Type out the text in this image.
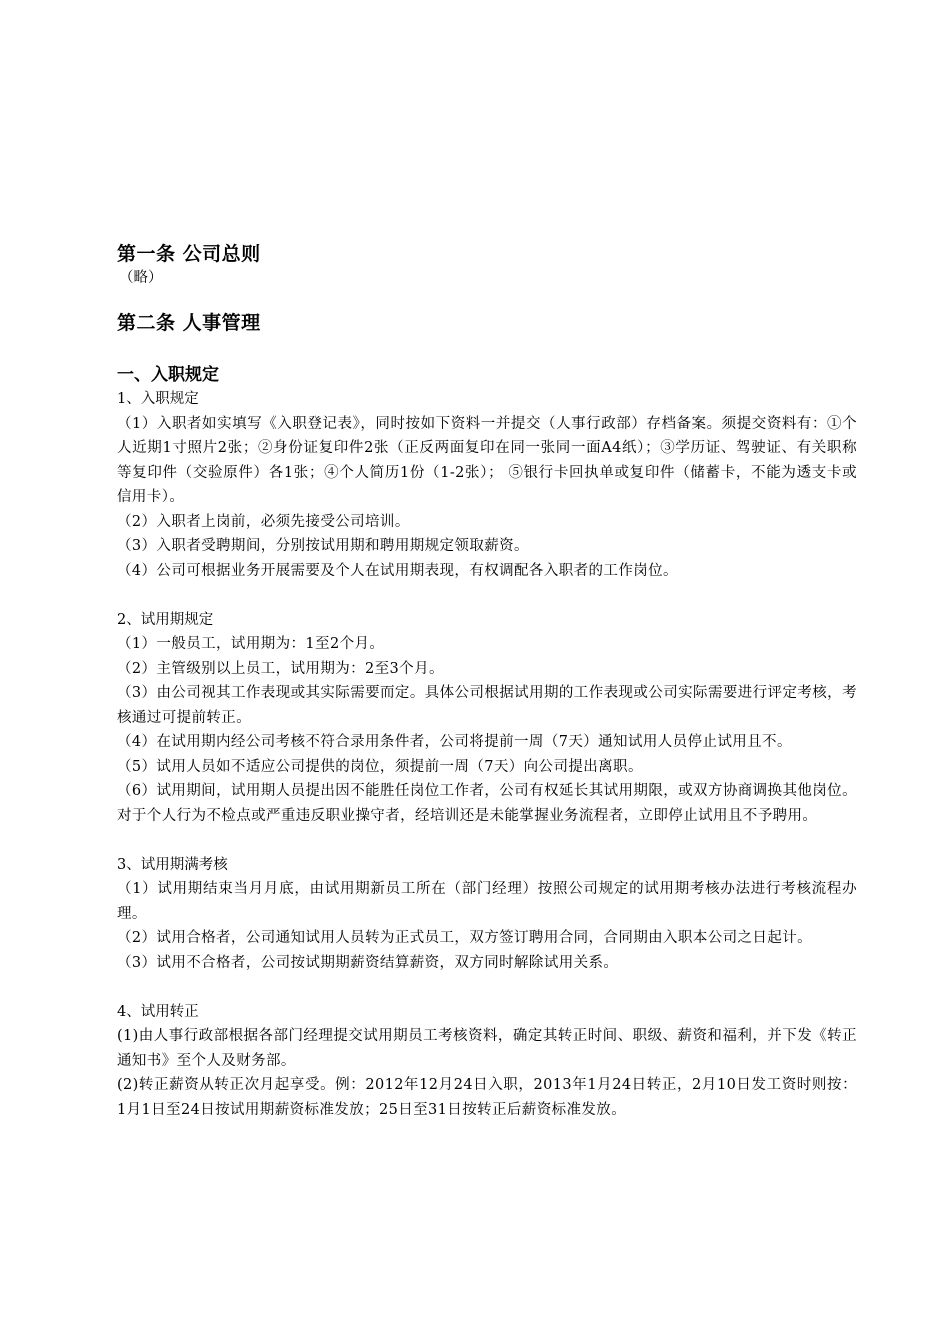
第一条 公司总则

（略）

第二条 人事管理
一、入职规定

1、入职规定

（1）入职者如实填写《入职登记表》，同时按如下资料一并提交（人事行政部）存档备案。须提交资料有：①个人近期1寸照片2张；②身份证复印件2张（正反两面复印在同一张同一面A4纸）；③学历证、驾驶证、有关职称等复印件（交验原件）各1张；④个人简历1份（1-2张）； ⑤银行卡回执单或复印件（储蓄卡，不能为透支卡或信用卡）。

（2）入职者上岗前，必须先接受公司培训。

（3）入职者受聘期间，分别按试用期和聘用期规定领取薪资。

（4）公司可根据业务开展需要及个人在试用期表现，有权调配各入职者的工作岗位。

2、试用期规定

（1）一般员工，试用期为：1至2个月。

（2）主管级别以上员工，试用期为：2至3个月。

（3）由公司视其工作表现或其实际需要而定。具体公司根据试用期的工作表现或公司实际需要进行评定考核，考核通过可提前转正。

（4）在试用期内经公司考核不符合录用条件者，公司将提前一周（7天）通知试用人员停止试用且不。

（5）试用人员如不适应公司提供的岗位，须提前一周（7天）向公司提出离职。

（6）试用期间，试用期人员提出因不能胜任岗位工作者，公司有权延长其试用期限，或双方协商调换其他岗位。对于个人行为不检点或严重违反职业操守者，经培训还是未能掌握业务流程者，立即停止试用且不予聘用。

3、试用期满考核

（1）试用期结束当月月底，由试用期新员工所在（部门经理）按照公司规定的试用期考核办法进行考核流程办理。

（2）试用合格者，公司通知试用人员转为正式员工，双方签订聘用合同，合同期由入职本公司之日起计。

（3）试用不合格者，公司按试期期薪资结算薪资，双方同时解除试用关系。

4、试用转正

(1)由人事行政部根据各部门经理提交试用期员工考核资料，确定其转正时间、职级、薪资和福利，并下发《转正通知书》至个人及财务部。

(2)转正薪资从转正次月起享受。例：2012年12月24日入职，2013年1月24日转正，2月10日发工资时则按：1月1日至24日按试用期薪资标准发放；25日至31日按转正后薪资标准发放。
